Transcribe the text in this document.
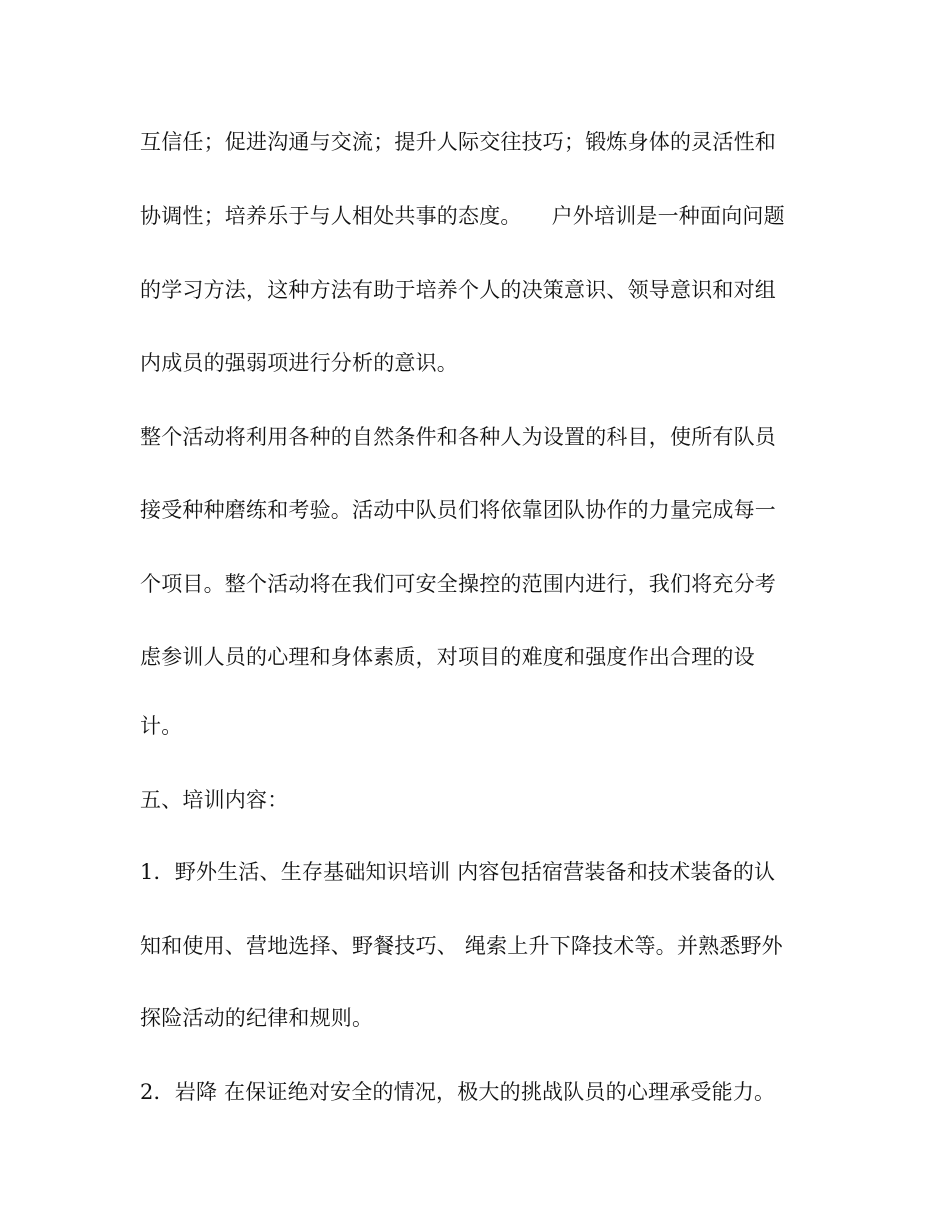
互信任；促进沟通与交流；提升人际交往技巧；锻炼身体的灵活性和
协调性；培养乐于与人相处共事的态度。 户外培训是一种面向问题
的学习方法，这种方法有助于培养个人的决策意识、领导意识和对组
内成员的强弱项进行分析的意识。
整个活动将利用各种的自然条件和各种人为设置的科目，使所有队员
接受种种磨练和考验。活动中队员们将依靠团队协作的力量完成每一
个项目。整个活动将在我们可安全操控的范围内进行，我们将充分考
虑参训人员的心理和身体素质，对项目的难度和强度作出合理的设
计。
五、培训内容：
1．野外生活、生存基础知识培训 内容包括宿营装备和技术装备的认
知和使用、营地选择、野餐技巧、 绳索上升下降技术等。并熟悉野外
探险活动的纪律和规则。
2．岩降 在保证绝对安全的情况，极大的挑战队员的心理承受能力。
